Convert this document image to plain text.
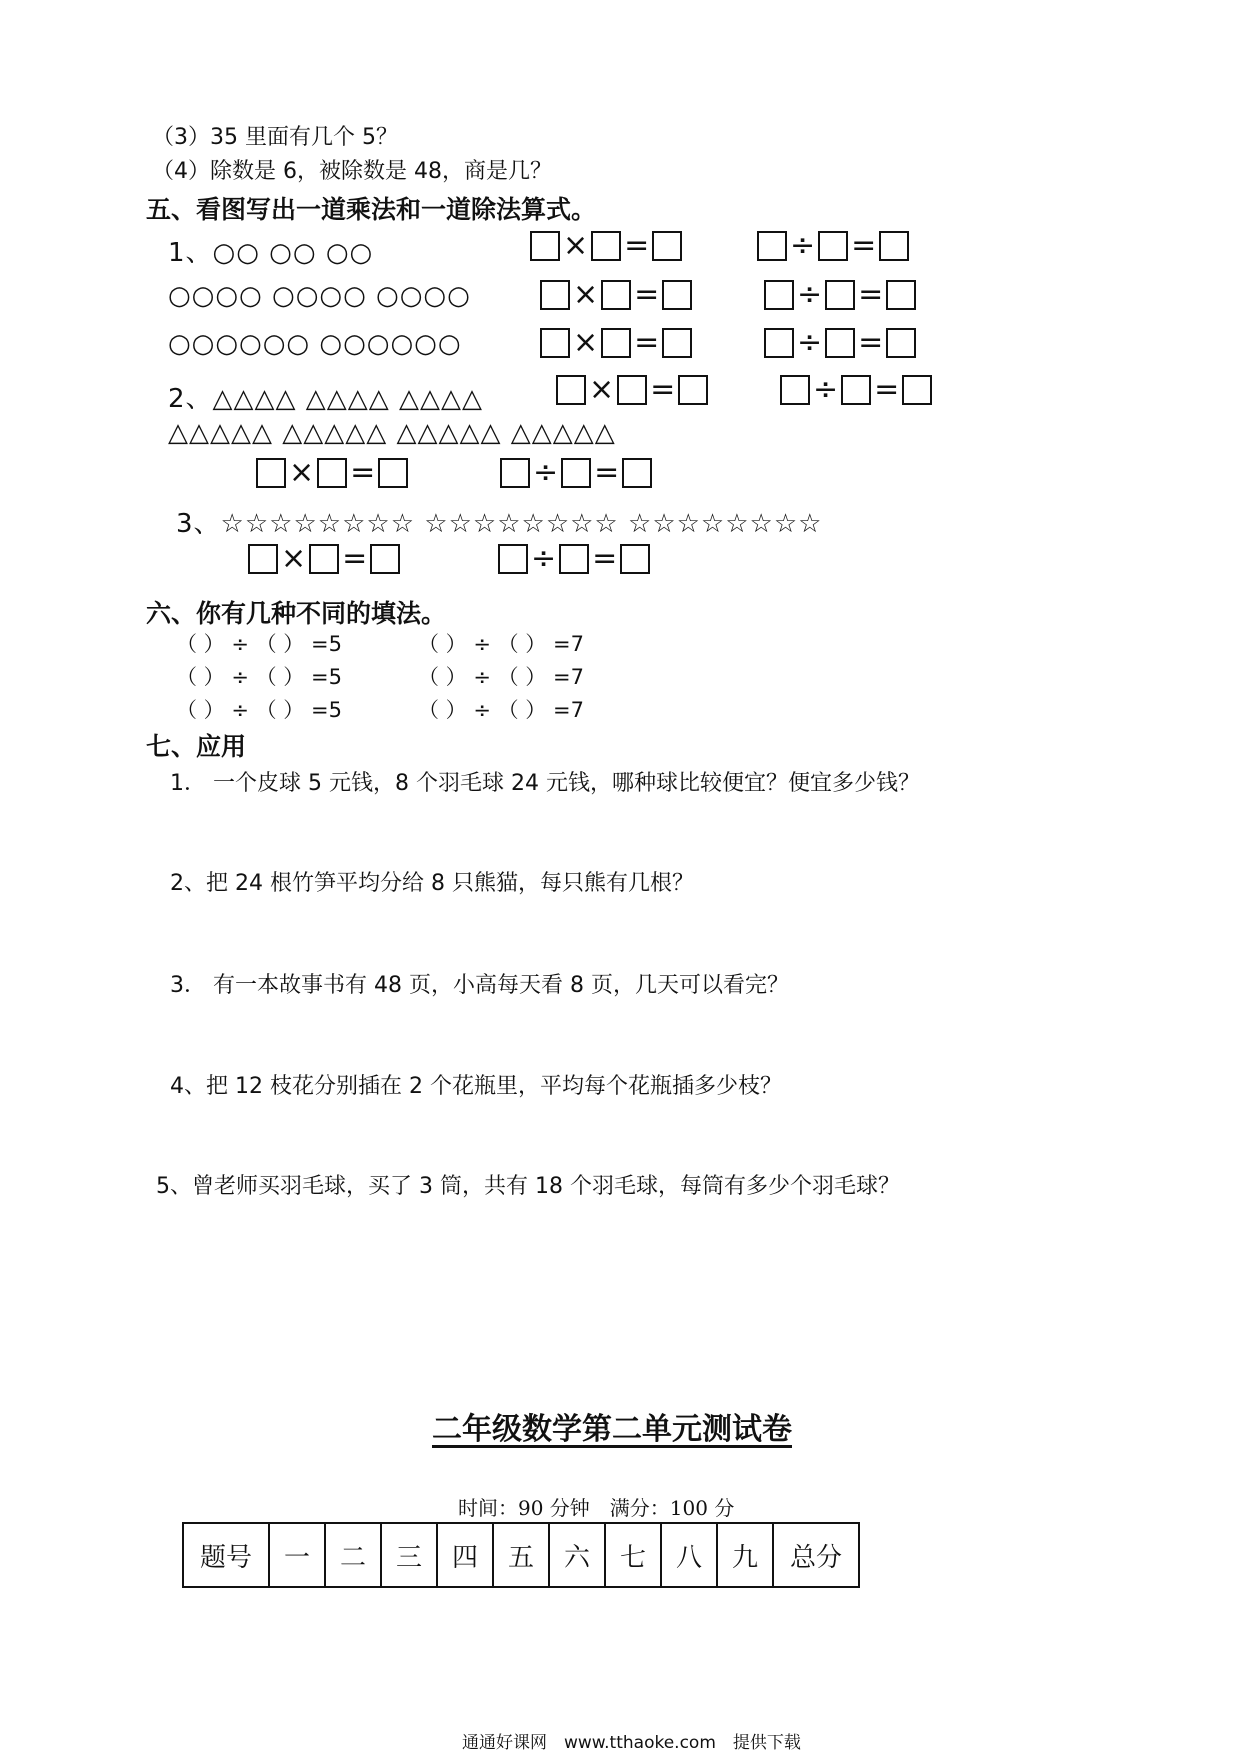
（3）35 里面有几个 5？
（4）除数是 6，被除数是 48，商是几？
五、看图写出一道乘法和一道除法算式。
1、○○ ○○ ○○	× =	÷ =
○○○○ ○○○○ ○○○○	× =	÷ =
○○○○○○ ○○○○○○	× =	÷ =
2、△△△△ △△△△ △△△△	× =	÷ =
△△△△△ △△△△△ △△△△△ △△△△△
× =	÷ =
3、☆☆☆☆☆☆☆☆ ☆☆☆☆☆☆☆☆ ☆☆☆☆☆☆☆☆
× =	÷ =
六、你有几种不同的填法。
（ ） ÷ （ ） =5	（ ） ÷ （ ） =7
（ ） ÷ （ ） =5	（ ） ÷ （ ） =7
（ ） ÷ （ ） =5	（ ） ÷ （ ） =7
七、应用
1． 一个皮球 5 元钱，8 个羽毛球 24 元钱，哪种球比较便宜？便宜多少钱？
2、把 24 根竹笋平均分给 8 只熊猫，每只熊有几根？
3． 有一本故事书有 48 页，小高每天看 8 页，几天可以看完？
4、把 12 枝花分别插在 2 个花瓶里，平均每个花瓶插多少枝？
5、曾老师买羽毛球，买了 3 筒，共有 18 个羽毛球，每筒有多少个羽毛球？
二年级数学第二单元测试卷
时间：90 分钟　满分：100 分
题号	一	二	三	四	五	六	七	八	九	总分
通通好课网　www.tthaoke.com　提供下载
